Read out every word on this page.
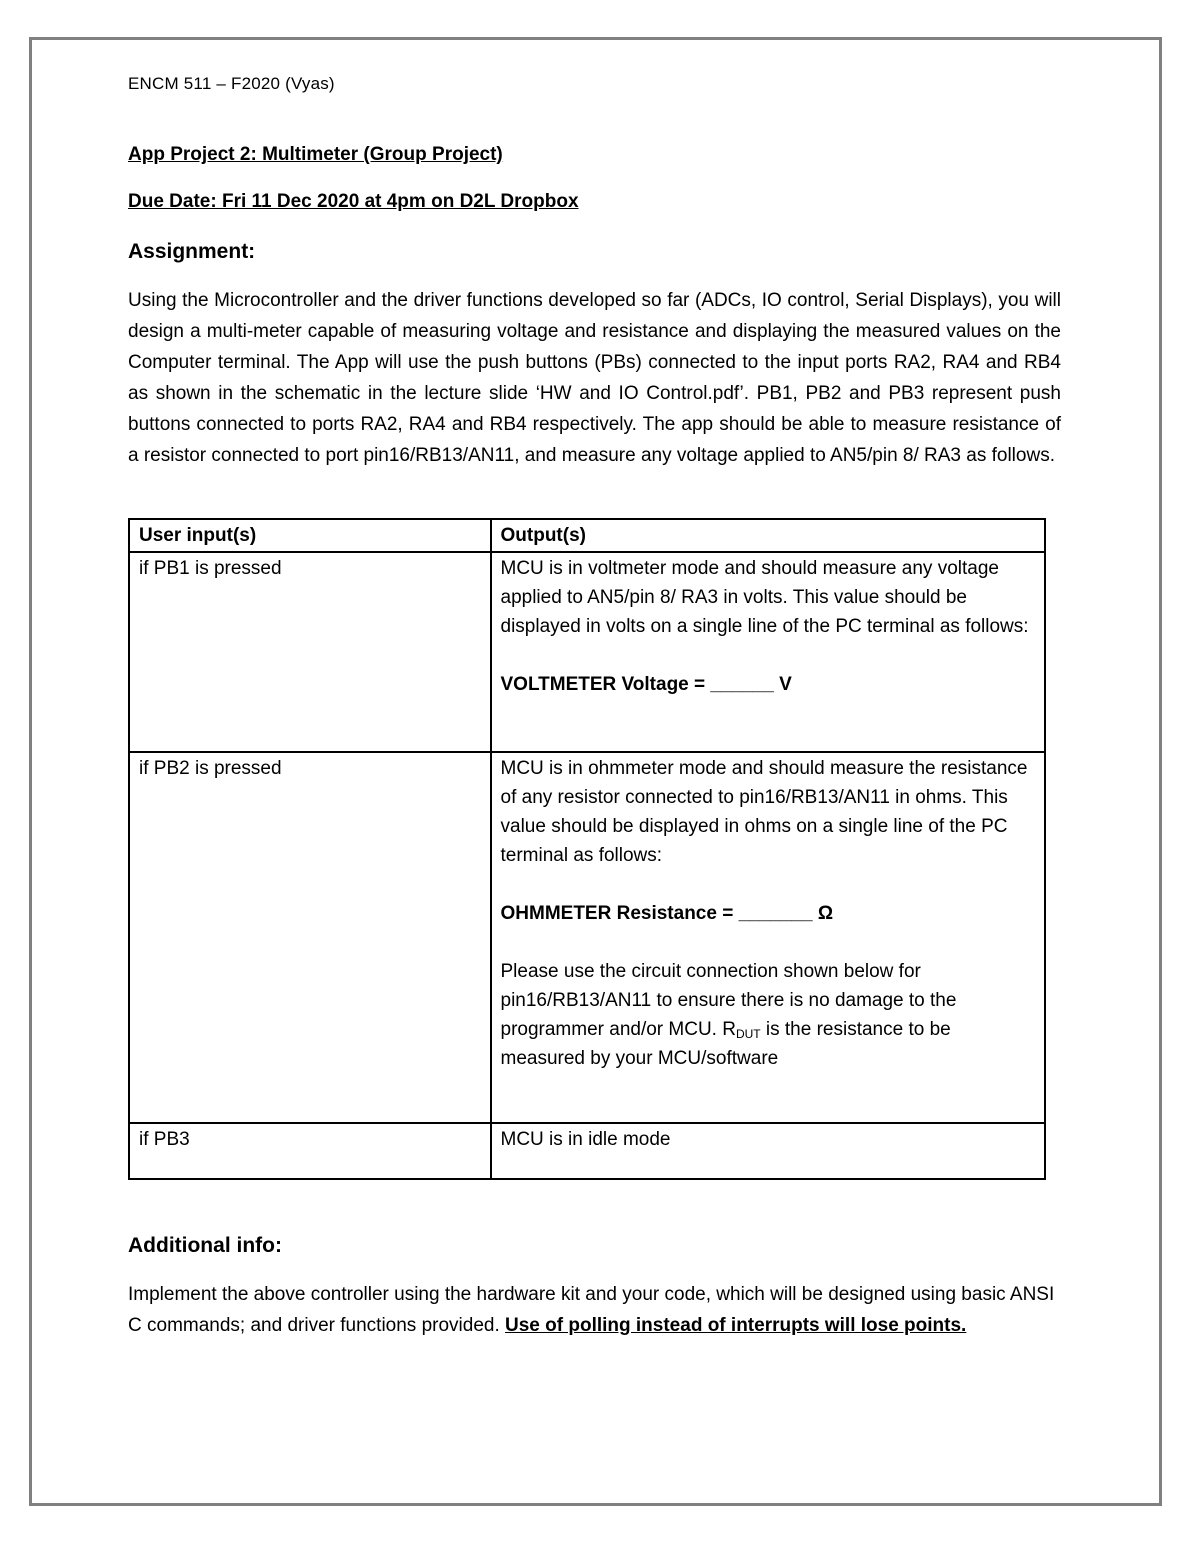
ENCM 511 – F2020 (Vyas)

App Project 2: Multimeter (Group Project)

Due Date: Fri 11 Dec 2020 at 4pm on D2L Dropbox

Assignment:

Using the Microcontroller and the driver functions developed so far (ADCs, IO control, Serial Displays), you will design a multi-meter capable of measuring voltage and resistance and displaying the measured values on the Computer terminal. The App will use the push buttons (PBs) connected to the input ports RA2, RA4 and RB4 as shown in the schematic in the lecture slide ‘HW and IO Control.pdf’. PB1, PB2 and PB3 represent push buttons connected to ports RA2, RA4 and RB4 respectively. The app should be able to measure resistance of a resistor connected to port pin16/RB13/AN11, and measure any voltage applied to AN5/pin 8/ RA3 as follows.

User input(s)	Output(s)
if PB1 is pressed	MCU is in voltmeter mode and should measure any voltage applied to AN5/pin 8/ RA3 in volts. This value should be displayed in volts on a single line of the PC terminal as follows:
VOLTMETER Voltage = ______ V

if PB2 is pressed	MCU is in ohmmeter mode and should measure the resistance of any resistor connected to pin16/RB13/AN11 in ohms. This value should be displayed in ohms on a single line of the PC terminal as follows:
OHMMETER Resistance = _______ Ω
Please use the circuit connection shown below for pin16/RB13/AN11 to ensure there is no damage to the programmer and/or MCU. $R_{DUT}$ is the resistance to be measured by your MCU/software

if PB3	MCU is in idle mode
Additional info:

Implement the above controller using the hardware kit and your code, which will be designed using basic ANSI C commands; and driver functions provided. Use of polling instead of interrupts will lose points.
